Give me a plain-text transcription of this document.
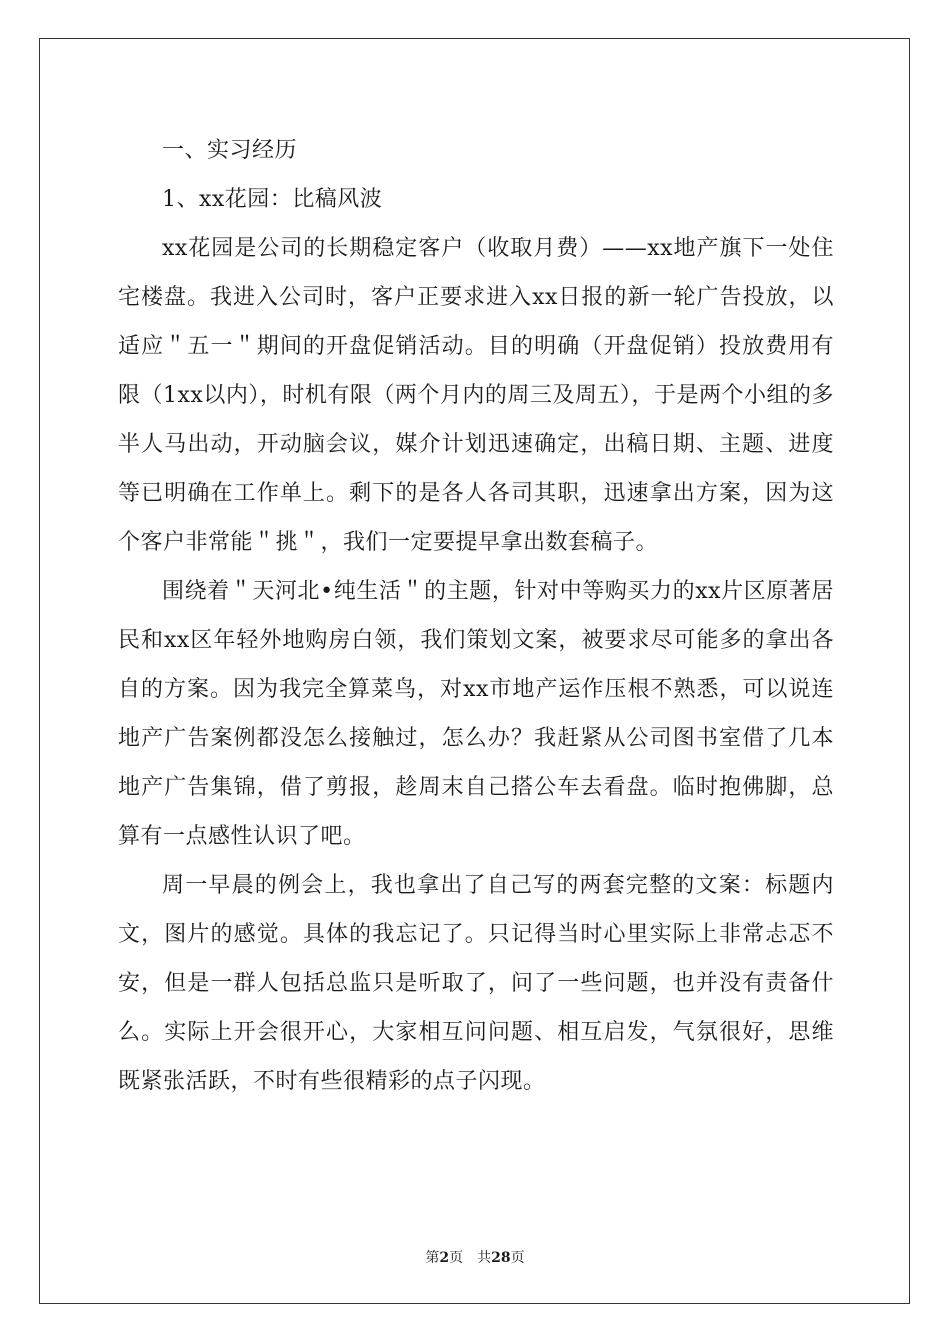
一、实习经历

1、xx花园：比稿风波

xx花园是公司的长期稳定客户（收取月费）——xx地产旗下一处住宅楼盘。我进入公司时，客户正要求进入xx日报的新一轮广告投放，以适应＂五一＂期间的开盘促销活动。目的明确（开盘促销）投放费用有限（1xx以内），时机有限（两个月内的周三及周五），于是两个小组的多半人马出动，开动脑会议，媒介计划迅速确定，出稿日期、主题、进度等已明确在工作单上。剩下的是各人各司其职，迅速拿出方案，因为这个客户非常能＂挑＂，我们一定要提早拿出数套稿子。

围绕着＂天河北•纯生活＂的主题，针对中等购买力的xx片区原著居民和xx区年轻外地购房白领，我们策划文案，被要求尽可能多的拿出各自的方案。因为我完全算菜鸟，对xx市地产运作压根不熟悉，可以说连地产广告案例都没怎么接触过，怎么办？我赶紧从公司图书室借了几本地产广告集锦，借了剪报，趁周末自己搭公车去看盘。临时抱佛脚，总算有一点感性认识了吧。

周一早晨的例会上，我也拿出了自己写的两套完整的文案：标题内文，图片的感觉。具体的我忘记了。只记得当时心里实际上非常忐忑不安，但是一群人包括总监只是听取了，问了一些问题，也并没有责备什么。实际上开会很开心，大家相互问问题、相互启发，气氛很好，思维既紧张活跃，不时有些很精彩的点子闪现。

第2页 共28页
